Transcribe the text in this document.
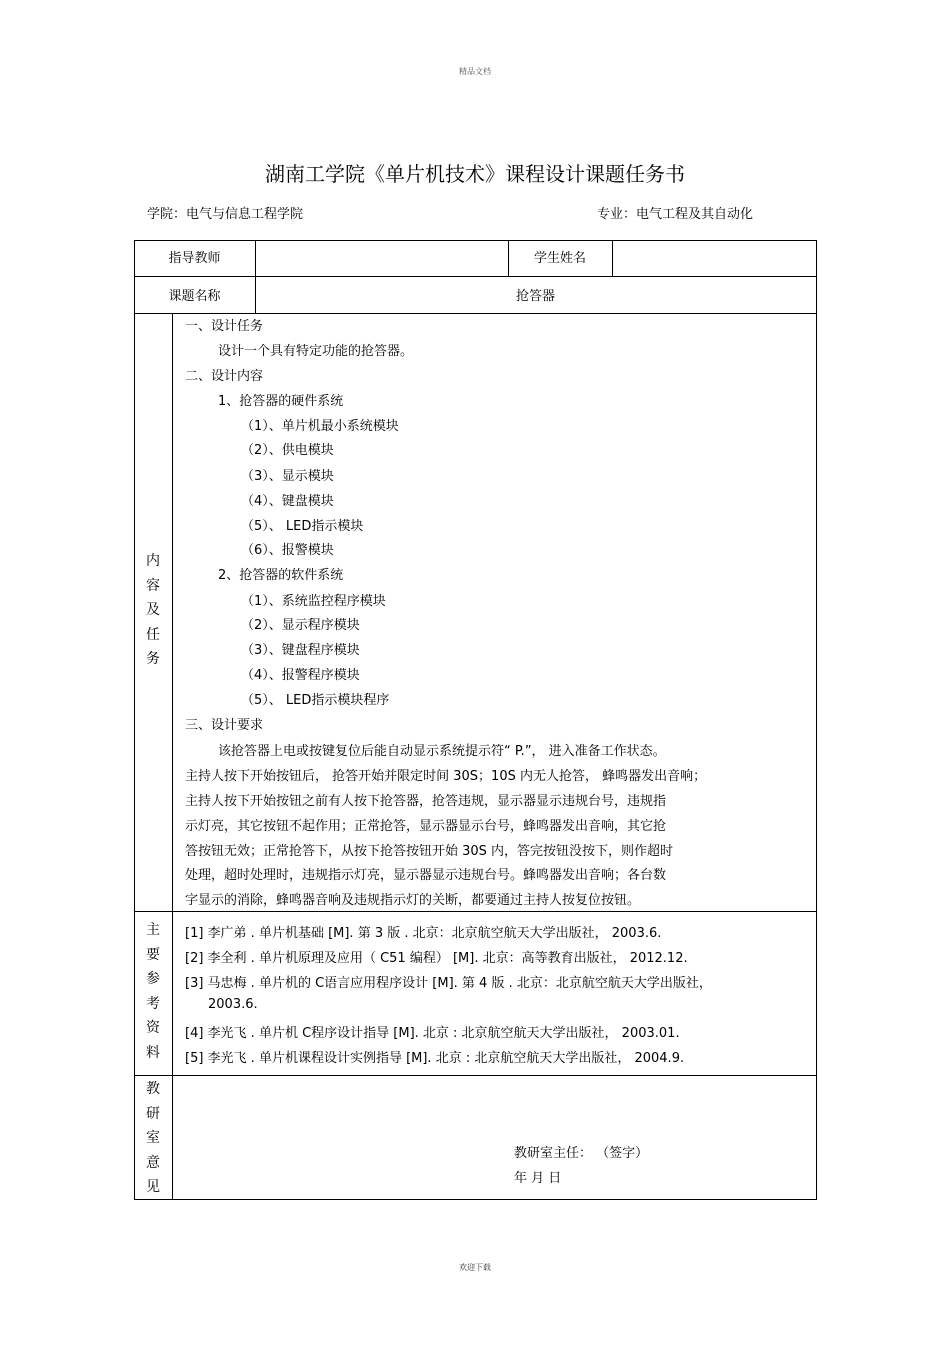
精品文档
湖南工学院《单片机技术》课程设计课题任务书
学院：电气与信息工程学院	专业：电气工程及其自动化
指导教师	学生姓名
课题名称	抢答器
内
容
及
任
务
一、设计任务
设计一个具有特定功能的抢答器。
二、设计内容
1、抢答器的硬件系统
（1）、单片机最小系统模块
（2）、供电模块
（3）、显示模块
（4）、键盘模块
（5）、 LED指示模块
（6）、报警模块
2、抢答器的软件系统
（1）、系统监控程序模块
（2）、显示程序模块
（3）、键盘程序模块
（4）、报警程序模块
（5）、 LED指示模块程序
三、设计要求
该抢答器上电或按键复位后能自动显示系统提示符“ P.”， 进入准备工作状态。
主持人按下开始按钮后， 抢答开始并限定时间 30S；10S 内无人抢答， 蜂鸣器发出音响；
主持人按下开始按钮之前有人按下抢答器，抢答违规，显示器显示违规台号，违规指
示灯亮，其它按钮不起作用；正常抢答，显示器显示台号，蜂鸣器发出音响，其它抢
答按钮无效；正常抢答下，从按下抢答按钮开始 30S 内，答完按钮没按下，则作超时
处理，超时处理时，违规指示灯亮，显示器显示违规台号。蜂鸣器发出音响；各台数
字显示的消除，蜂鸣器音响及违规指示灯的关断，都要通过主持人按复位按钮。
主
要
参
考
资
料
[1] 李广弟 . 单片机基础 [M]. 第 3 版 . 北京：北京航空航天大学出版社， 2003.6.
[2] 李全利 . 单片机原理及应用（ C51 编程） [M]. 北京：高等教育出版社， 2012.12.
[3] 马忠梅 . 单片机的 C语言应用程序设计 [M]. 第 4 版 . 北京：北京航空航天大学出版社，
2003.6.
[4] 李光飞 . 单片机 C程序设计指导 [M]. 北京 : 北京航空航天大学出版社， 2003.01.
[5] 李光飞 . 单片机课程设计实例指导 [M]. 北京 : 北京航空航天大学出版社， 2004.9.
教
研
室
意
见
教研室主任： （签字）
年 月 日
欢迎下载
